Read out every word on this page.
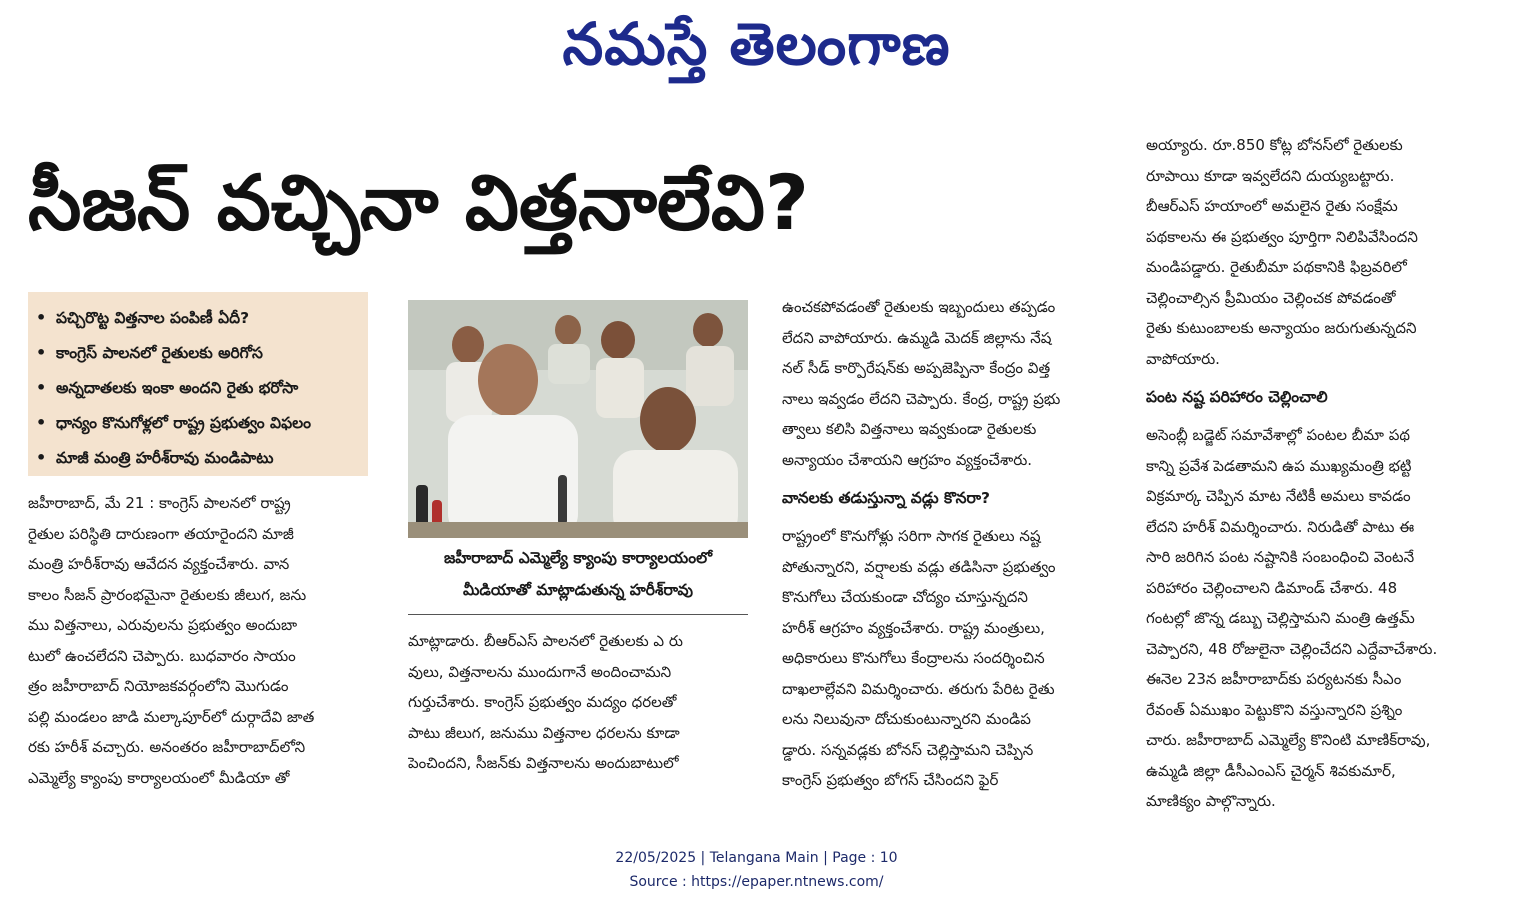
నమస్తే తెలంగాణ
సీజన్ వచ్చినా విత్తనాలేవి?
• పచ్చిరొట్ట విత్తనాల పంపిణీ ఏదీ?
• కాంగ్రెస్ పాలనలో రైతులకు అరిగోస
• అన్నదాతలకు ఇంకా అందని రైతు భరోసా
• ధాన్యం కొనుగోళ్లలో రాష్ట్ర ప్రభుత్వం విఫలం
• మాజీ మంత్రి హరీశ్‌రావు మండిపాటు
జహీరాబాద్, మే 21 : కాంగ్రెస్ పాలనలో రాష్ట్ర
రైతుల పరిస్థితి దారుణంగా తయారైందని మాజీ
మంత్రి హరీశ్‌రావు ఆవేదన వ్యక్తంచేశారు. వాన
కాలం సీజన్ ప్రారంభమైనా రైతులకు జీలుగ, జను
ము విత్తనాలు, ఎరువులను ప్రభుత్వం అందుబా
టులో ఉంచలేదని చెప్పారు. బుధవారం సాయం
త్రం జహీరాబాద్ నియోజకవర్గంలోని మొగుడం
పల్లి మండలం జాడి మల్కాపూర్‌లో దుర్గాదేవి జాత
రకు హరీశ్ వచ్చారు. అనంతరం జహీరాబాద్‌లోని
ఎమ్మెల్యే క్యాంపు కార్యాలయంలో మీడియా తో
జహీరాబాద్ ఎమ్మెల్యే క్యాంపు కార్యాలయంలో మీడియాతో మాట్లాడుతున్న హరీశ్‌రావు
మాట్లాడారు. బీఆర్‌ఎస్ పాలనలో రైతులకు ఎ రు
వులు, విత్తనాలను ముందుగానే అందించామని
గుర్తుచేశారు. కాంగ్రెస్ ప్రభుత్వం మద్యం ధరలతో
పాటు జీలుగ, జనుము విత్తనాల ధరలను కూడా
పెంచిందని, సీజన్‌కు విత్తనాలను అందుబాటులో
ఉంచకపోవడంతో రైతులకు ఇబ్బందులు తప్పడం
లేదని వాపోయారు. ఉమ్మడి మెదక్ జిల్లాను నేష
నల్ సీడ్ కార్పొరేషన్‌కు అప్పజెప్పినా కేంద్రం విత్త
నాలు ఇవ్వడం లేదని చెప్పారు. కేంద్ర, రాష్ట్ర ప్రభు
త్వాలు కలిసి విత్తనాలు ఇవ్వకుండా రైతులకు
అన్యాయం చేశాయని ఆగ్రహం వ్యక్తంచేశారు.
వానలకు తడుస్తున్నా వడ్లు కొనరా?
రాష్ట్రంలో కొనుగోళ్లు సరిగా సాగక రైతులు నష్ట
పోతున్నారని, వర్షాలకు వడ్లు తడిసినా ప్రభుత్వం
కొనుగోలు చేయకుండా చోద్యం చూస్తున్నదని
హరీశ్ ఆగ్రహం వ్యక్తంచేశారు. రాష్ట్ర మంత్రులు,
అధికారులు కొనుగోలు కేంద్రాలను సందర్శించిన
దాఖలాల్లేవని విమర్శించారు. తరుగు పేరిట రైతు
లను నిలువునా దోచుకుంటున్నారని మండిప
డ్డారు. సన్నవడ్లకు బోనస్ చెల్లిస్తామని చెప్పిన
కాంగ్రెస్ ప్రభుత్వం బోగస్ చేసిందని ఫైర్
అయ్యారు. రూ.850 కోట్ల బోనస్‌లో రైతులకు
రూపాయి కూడా ఇవ్వలేదని దుయ్యబట్టారు.
బీఆర్‌ఎస్ హయాంలో అమలైన రైతు సంక్షేమ
పథకాలను ఈ ప్రభుత్వం పూర్తిగా నిలిపివేసిందని
మండిపడ్డారు. రైతుబీమా పథకానికి ఫిబ్రవరిలో
చెల్లించాల్సిన ప్రీమియం చెల్లించక పోవడంతో
రైతు కుటుంబాలకు అన్యాయం జరుగుతున్నదని
వాపోయారు.
పంట నష్ట పరిహారం చెల్లించాలి
అసెంబ్లీ బడ్జెట్ సమావేశాల్లో పంటల బీమా పథ
కాన్ని ప్రవేశ పెడతామని ఉప ముఖ్యమంత్రి భట్టి
విక్రమార్క చెప్పిన మాట నేటికీ అమలు కావడం
లేదని హరీశ్ విమర్శించారు. నిరుడితో పాటు ఈ
సారి జరిగిన పంట నష్టానికి సంబంధించి వెంటనే
పరిహారం చెల్లించాలని డిమాండ్ చేశారు. 48
గంటల్లో జొన్న డబ్బు చెల్లిస్తామని మంత్రి ఉత్తమ్
చెప్పారని, 48 రోజులైనా చెల్లించేదని ఎద్దేవాచేశారు.
ఈనెల 23న జహీరాబాద్‌కు పర్యటనకు సీఎం
రేవంత్ ఏముఖం పెట్టుకొని వస్తున్నారని ప్రశ్నిం
చారు. జహీరాబాద్ ఎమ్మెల్యే కొనింటి మాణిక్‌రావు,
ఉమ్మడి జిల్లా డీసీఎంఎస్ చైర్మన్ శివకుమార్,
మాణిక్యం పాల్గొన్నారు.
22/05/2025 | Telangana Main | Page : 10
Source : https://epaper.ntnews.com/
